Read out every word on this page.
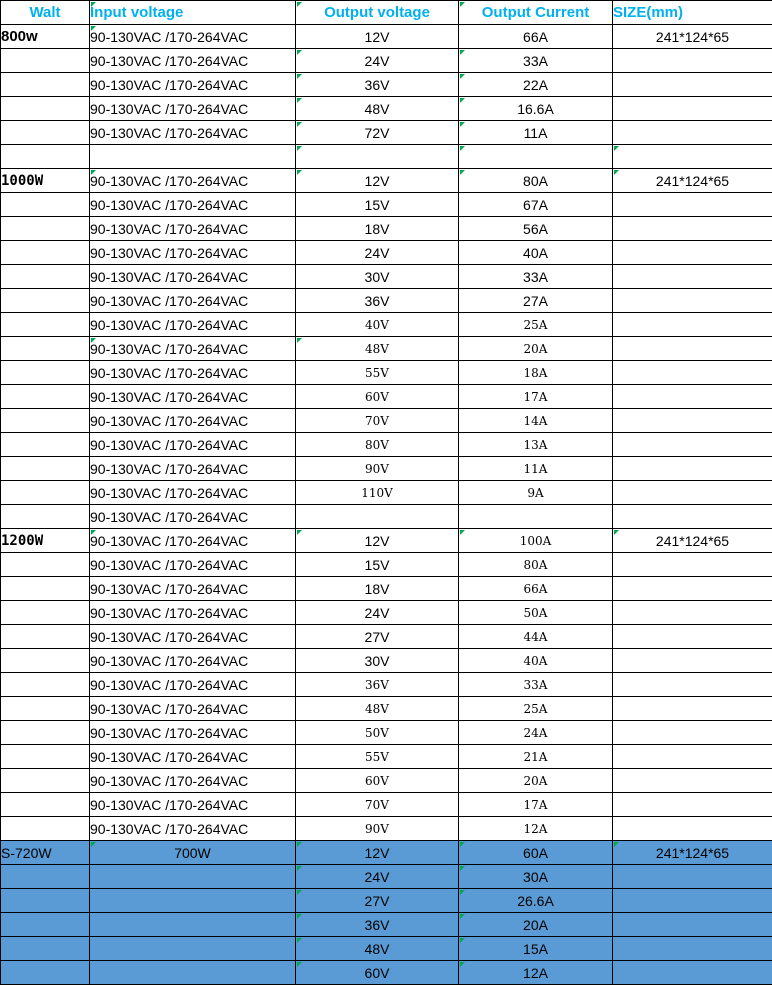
Walt	Input voltage	Output voltage	Output Current	SIZE(mm)
800w	90-130VAC /170-264VAC	12V	66A	241*124*65
	90-130VAC /170-264VAC	24V	33A	
	90-130VAC /170-264VAC	36V	22A	
	90-130VAC /170-264VAC	48V	16.6A	
	90-130VAC /170-264VAC	72V	11A	

1000W	90-130VAC /170-264VAC	12V	80A	241*124*65
	90-130VAC /170-264VAC	15V	67A	
	90-130VAC /170-264VAC	18V	56A	
	90-130VAC /170-264VAC	24V	40A	
	90-130VAC /170-264VAC	30V	33A	
	90-130VAC /170-264VAC	36V	27A	
	90-130VAC /170-264VAC	40V	25A	
	90-130VAC /170-264VAC	48V	20A	
	90-130VAC /170-264VAC	55V	18A	
	90-130VAC /170-264VAC	60V	17A	
	90-130VAC /170-264VAC	70V	14A	
	90-130VAC /170-264VAC	80V	13A	
	90-130VAC /170-264VAC	90V	11A	
	90-130VAC /170-264VAC	110V	9A	
	90-130VAC /170-264VAC			
1200W	90-130VAC /170-264VAC	12V	100A	241*124*65
	90-130VAC /170-264VAC	15V	80A	
	90-130VAC /170-264VAC	18V	66A	
	90-130VAC /170-264VAC	24V	50A	
	90-130VAC /170-264VAC	27V	44A	
	90-130VAC /170-264VAC	30V	40A	
	90-130VAC /170-264VAC	36V	33A	
	90-130VAC /170-264VAC	48V	25A	
	90-130VAC /170-264VAC	50V	24A	
	90-130VAC /170-264VAC	55V	21A	
	90-130VAC /170-264VAC	60V	20A	
	90-130VAC /170-264VAC	70V	17A	
	90-130VAC /170-264VAC	90V	12A	
S-720W	700W	12V	60A	241*124*65
		24V	30A	
		27V	26.6A	
		36V	20A	
		48V	15A	
		60V	12A	
